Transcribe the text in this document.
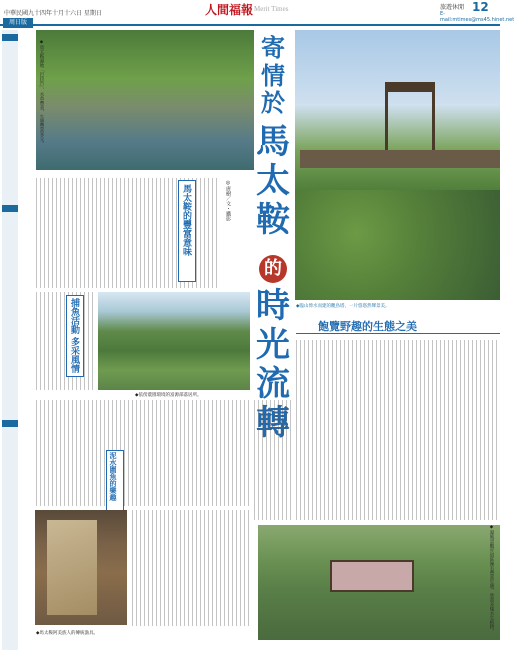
中華民國九十四年十月十六日 星期日	人間福報 Merit Times	旅遊休閒 12
E-mail:mtimes@ms45.hinet.net
周日版
◆馬太鞍濕地「巴拉告」，水草豐美，生態豐富多元。
◆臨山倚水而建的觀鳥塔，一片悠悠然聲景美。
寄情於
馬太鞍
的
時光流轉
飽覽野趣的生態之美
◎唐樹／文・攝影
馬太鞍的豐富意味
捕魚活動 多采風情
泥水圍魚的樂趣
◆依傍農園環境的富源部落居所。
◆馬太鞍阿美族人的傳統漁具。	◆濕地景觀步道區擁有豐富生態，欣賞多樣水生植物。
